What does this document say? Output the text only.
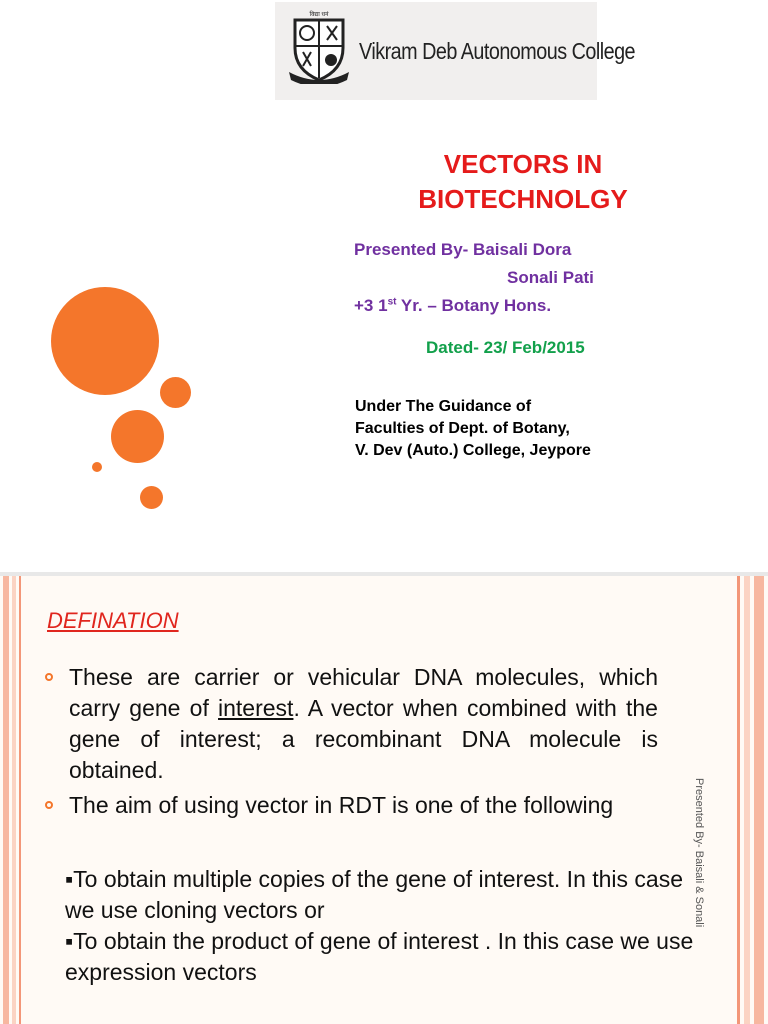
विद्या धनं
Vikram Deb Autonomous College
VECTORS IN
BIOTECHNOLGY
Presented By- Baisali Dora
Sonali Pati
+3 1st Yr. – Botany Hons.
Dated- 23/ Feb/2015
Under The Guidance of
Faculties of Dept. of Botany,
V. Dev (Auto.) College, Jeypore
DEFINATION
These are carrier or vehicular DNA molecules, which carry gene of interest. A vector when combined with the gene of interest; a recombinant DNA molecule is obtained.
The aim of using vector in RDT is one of the following
▪To obtain multiple copies of the gene of interest. In this case we use cloning vectors or
▪To obtain the product of gene of interest . In this case we use expression vectors
Presented By- Baisali & Sonali
